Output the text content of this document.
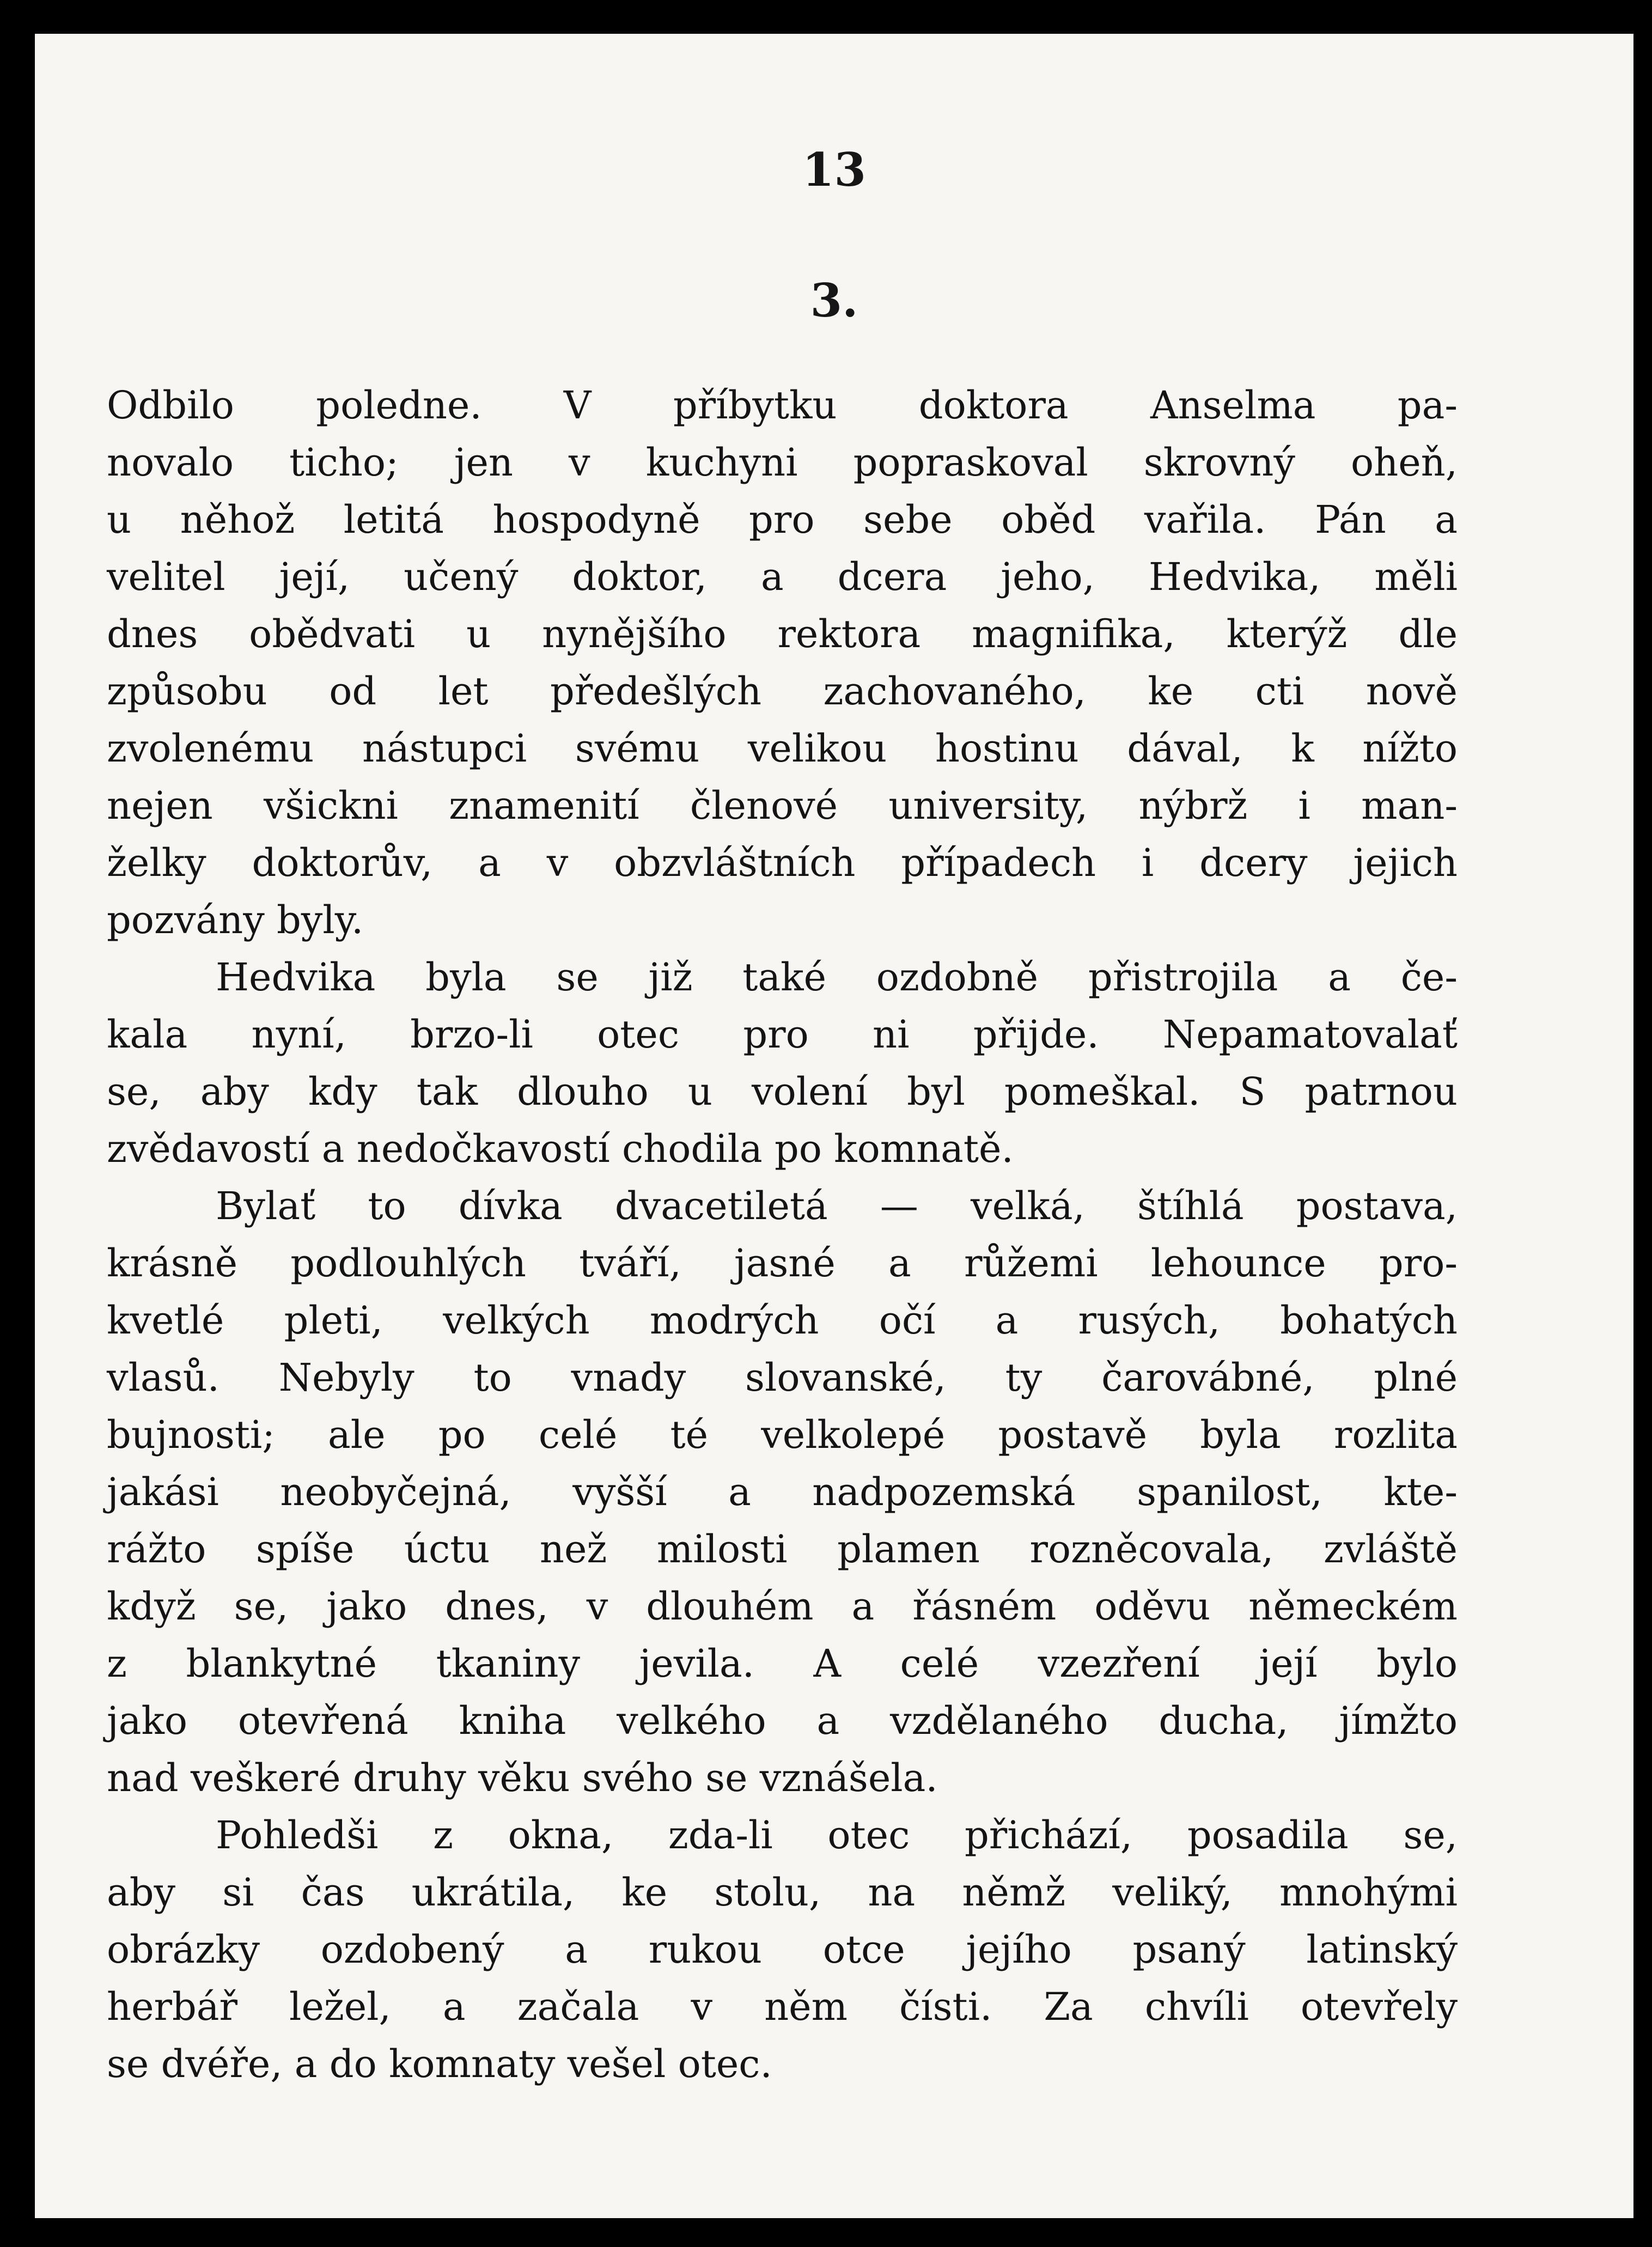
13
3.
Odbilo poledne. V příbytku doktora Anselma pa-
novalo ticho; jen v kuchyni popraskoval skrovný oheň,
u něhož letitá hospodyně pro sebe oběd vařila. Pán a
velitel její, učený doktor, a dcera jeho, Hedvika, měli
dnes obědvati u nynějšího rektora magnifika, kterýž dle
způsobu od let předešlých zachovaného, ke cti nově
zvolenému nástupci svému velikou hostinu dával, k nížto
nejen všickni znamenití členové university, nýbrž i man-
želky doktorův, a v obzvláštních případech i dcery jejich
pozvány byly.
Hedvika byla se již také ozdobně přistrojila a če-
kala nyní, brzo-li otec pro ni přijde. Nepamatovalať
se, aby kdy tak dlouho u volení byl pomeškal. S patrnou
zvědavostí a nedočkavostí chodila po komnatě.
Bylať to dívka dvacetiletá — velká, štíhlá postava,
krásně podlouhlých tváří, jasné a růžemi lehounce pro-
kvetlé pleti, velkých modrých očí a rusých, bohatých
vlasů. Nebyly to vnady slovanské, ty čarovábné, plné
bujnosti; ale po celé té velkolepé postavě byla rozlita
jakási neobyčejná, vyšší a nadpozemská spanilost, kte-
rážto spíše úctu než milosti plamen rozněcovala, zvláště
když se, jako dnes, v dlouhém a řásném oděvu německém
z blankytné tkaniny jevila. A celé vzezření její bylo
jako otevřená kniha velkého a vzdělaného ducha, jímžto
nad veškeré druhy věku svého se vznášela.
Pohledši z okna, zda-li otec přichází, posadila se,
aby si čas ukrátila, ke stolu, na němž veliký, mnohými
obrázky ozdobený a rukou otce jejího psaný latinský
herbář ležel, a začala v něm čísti. Za chvíli otevřely
se dvéře, a do komnaty vešel otec.
